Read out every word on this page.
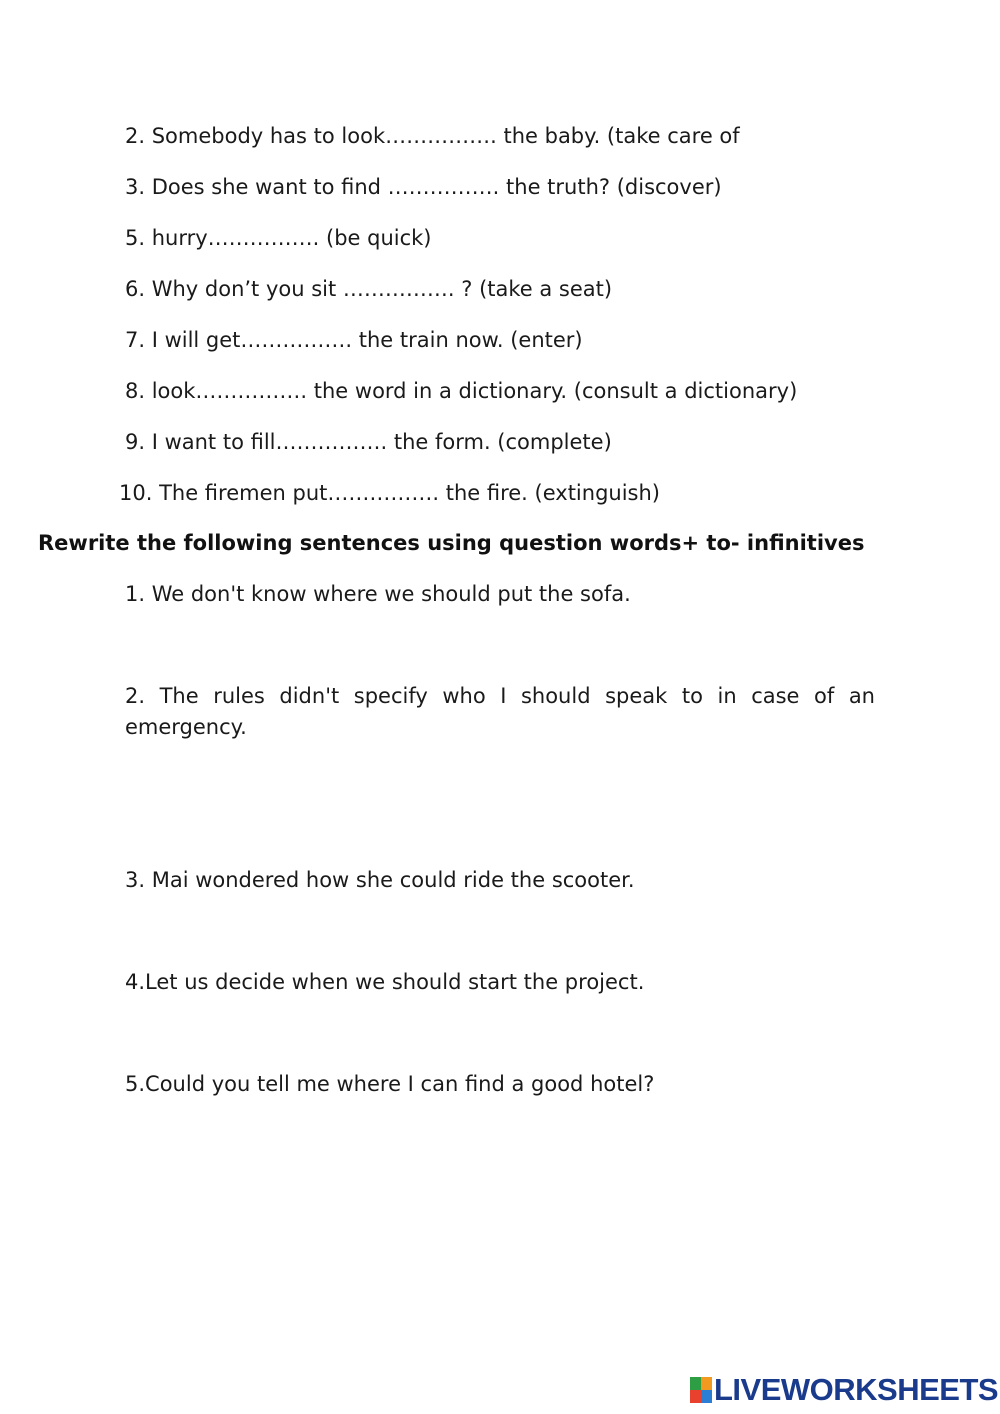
2. Somebody has to look……………. the baby. (take care of
3. Does she want to find ……………. the truth? (discover)
5. hurry……………. (be quick)
6. Why don’t you sit ……………. ? (take a seat)
7. I will get……………. the train now. (enter)
8. look……………. the word in a dictionary. (consult a dictionary)
9. I want to fill……………. the form. (complete)
10. The firemen put……………. the fire. (extinguish)
Rewrite the following sentences using question words+ to- infinitives
1. We don't know where we should put the sofa.
2. The rules didn't specify who I should speak to in case of an emergency.
3. Mai wondered how she could ride the scooter.
4.Let us decide when we should start the project.
5.Could you tell me where I can find a good hotel?
LIVEWORKSHEETS
